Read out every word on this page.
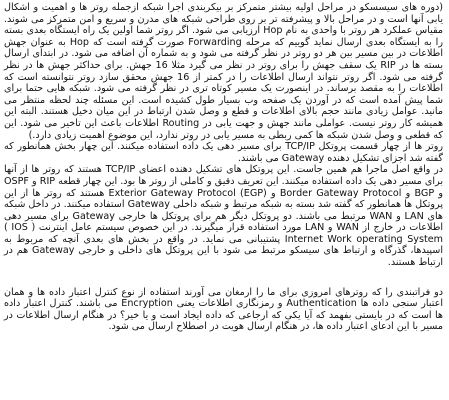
(دوره های سیسسکو در مراحل اولیه بیشتر متمرکز بر بیکربندی اجرا شبکه ازجمله روتر ها و اهمیت و اشکال یابی آنها است و در مراحل بالا و پیشرفته تر بر روی طراحی شبکه های مدرن و سریع و امن متمرکز می شوند. مقیاس عملکرد هر روتر با واحدی به نام Hop ارزیابی می شود. اگر روتر شما اولین یک راه ایستگاه بعدی بسته را به ایستگاه بعدی ارسال نماید گوییم که مرحله Forwarding صورت گرفته است که Hop به عنوان جهش اطلاعات در بین مسیر بین هر دو روتر در نظر گرفته می شود و به شماره آن اضافه می شود. در ابتدای ارسال بسته ها در RIP یک سقف جهش را برای روتر در نظر می گیرد مثلا 16 جهش. برای حداکثر جهش ها در نظر گرفته می شود. اگر روتر نتواند ارسال اطلاعات را در کمتر از 16 جهش محقق سازد روتر نتوانسته است که اطلاعات را به مقصد برساند. در اینصورت یک مسیر کوتاه تری در نظر گرفته می شود. شبکه هایی حتما برای شما پیش آمده است که در آوردن یک صفحه وب بسیار طول کشیده است. این مسئله چند لحظه منتظر می مانید. عوامل زیادی مانند حجم بالای اطلاعات و قطع و وصل شدن ارتباط در این میان دخیل هستند. البته این همیشه کار روتر نیست. عواملی مانند جهش و جهت یابی در Routing اطلاعات باعث این تاخیر می شود. این که قطعی و وصل شدن شبکه ها کمی ربطی به مسیر یابی در روتر ندارد، این موضوع اهمیت زیادی دارد.)

روتر ها از چهار قسمت پروتکل TCP/IP برای مسیر دهی یک داده استفاده میکنند. این چهار بخش همانطور که گفته شد اجزای تشکیل دهنده Gateway می باشند.

در واقع اصل ماجرا هم همین جاست. این پروتکل های تشکیل دهنده اعضای TCP/IP هستند که روتر ها از آنها برای مسیر دهی یک داده استفاده میکنند. این تعریف دقیق و کاملی از روتر ها بود. این چهار قطعه RIP و OSPF و BGP و Border Gateway Protocol و Exterior Gateway Protocol (EGP) هستند که روتر ها از این پروتکل ها همانطور که گفته شد بسته به شبکه مرتبط و شبکه داخلی Gateway استفاده میکنند. در داخل شبکه های LAN و WAN مرتبط می باشند. دو پروتکل دیگر هم برای پروتکل ها خارجی Gateway برای مسیر دهی اطلاعات در خارج از WAN و LAN مورد استفاده قرار میگیرند. در این خصوص سیستم عامل اینترنت ( IOS ) Internet Work operating System پشتیبانی می نماید. در واقع در بخش های بعدی آنچه که مربوط به اسپیدها، گذرگاه و ارتباط های سیسکو مرتبط می شود با این پروتکل های داخلی و خارجی Gateway هم در ارتباط هستند.

دو فراتبندی را که روترهای امروزی برای ما را ارمغان می آورند استفاده از نوع کنترل اعتبار داده ها و همان اعتبار سنجی داده ها Authentication و رمزنگاری اطلاعات یعنی Encryption می باشند. کنترل اعتبار داده ها است که در بایستی بفهمد که آیا یکی که ارجاعی که داده ایجاد است و یا خیر؟ در هنگام ارسال اطلاعات در مسیر با این ادعای اعتبار داده ها، در هنگام ارسال هویت در اصطلاح ارسال می شود.
